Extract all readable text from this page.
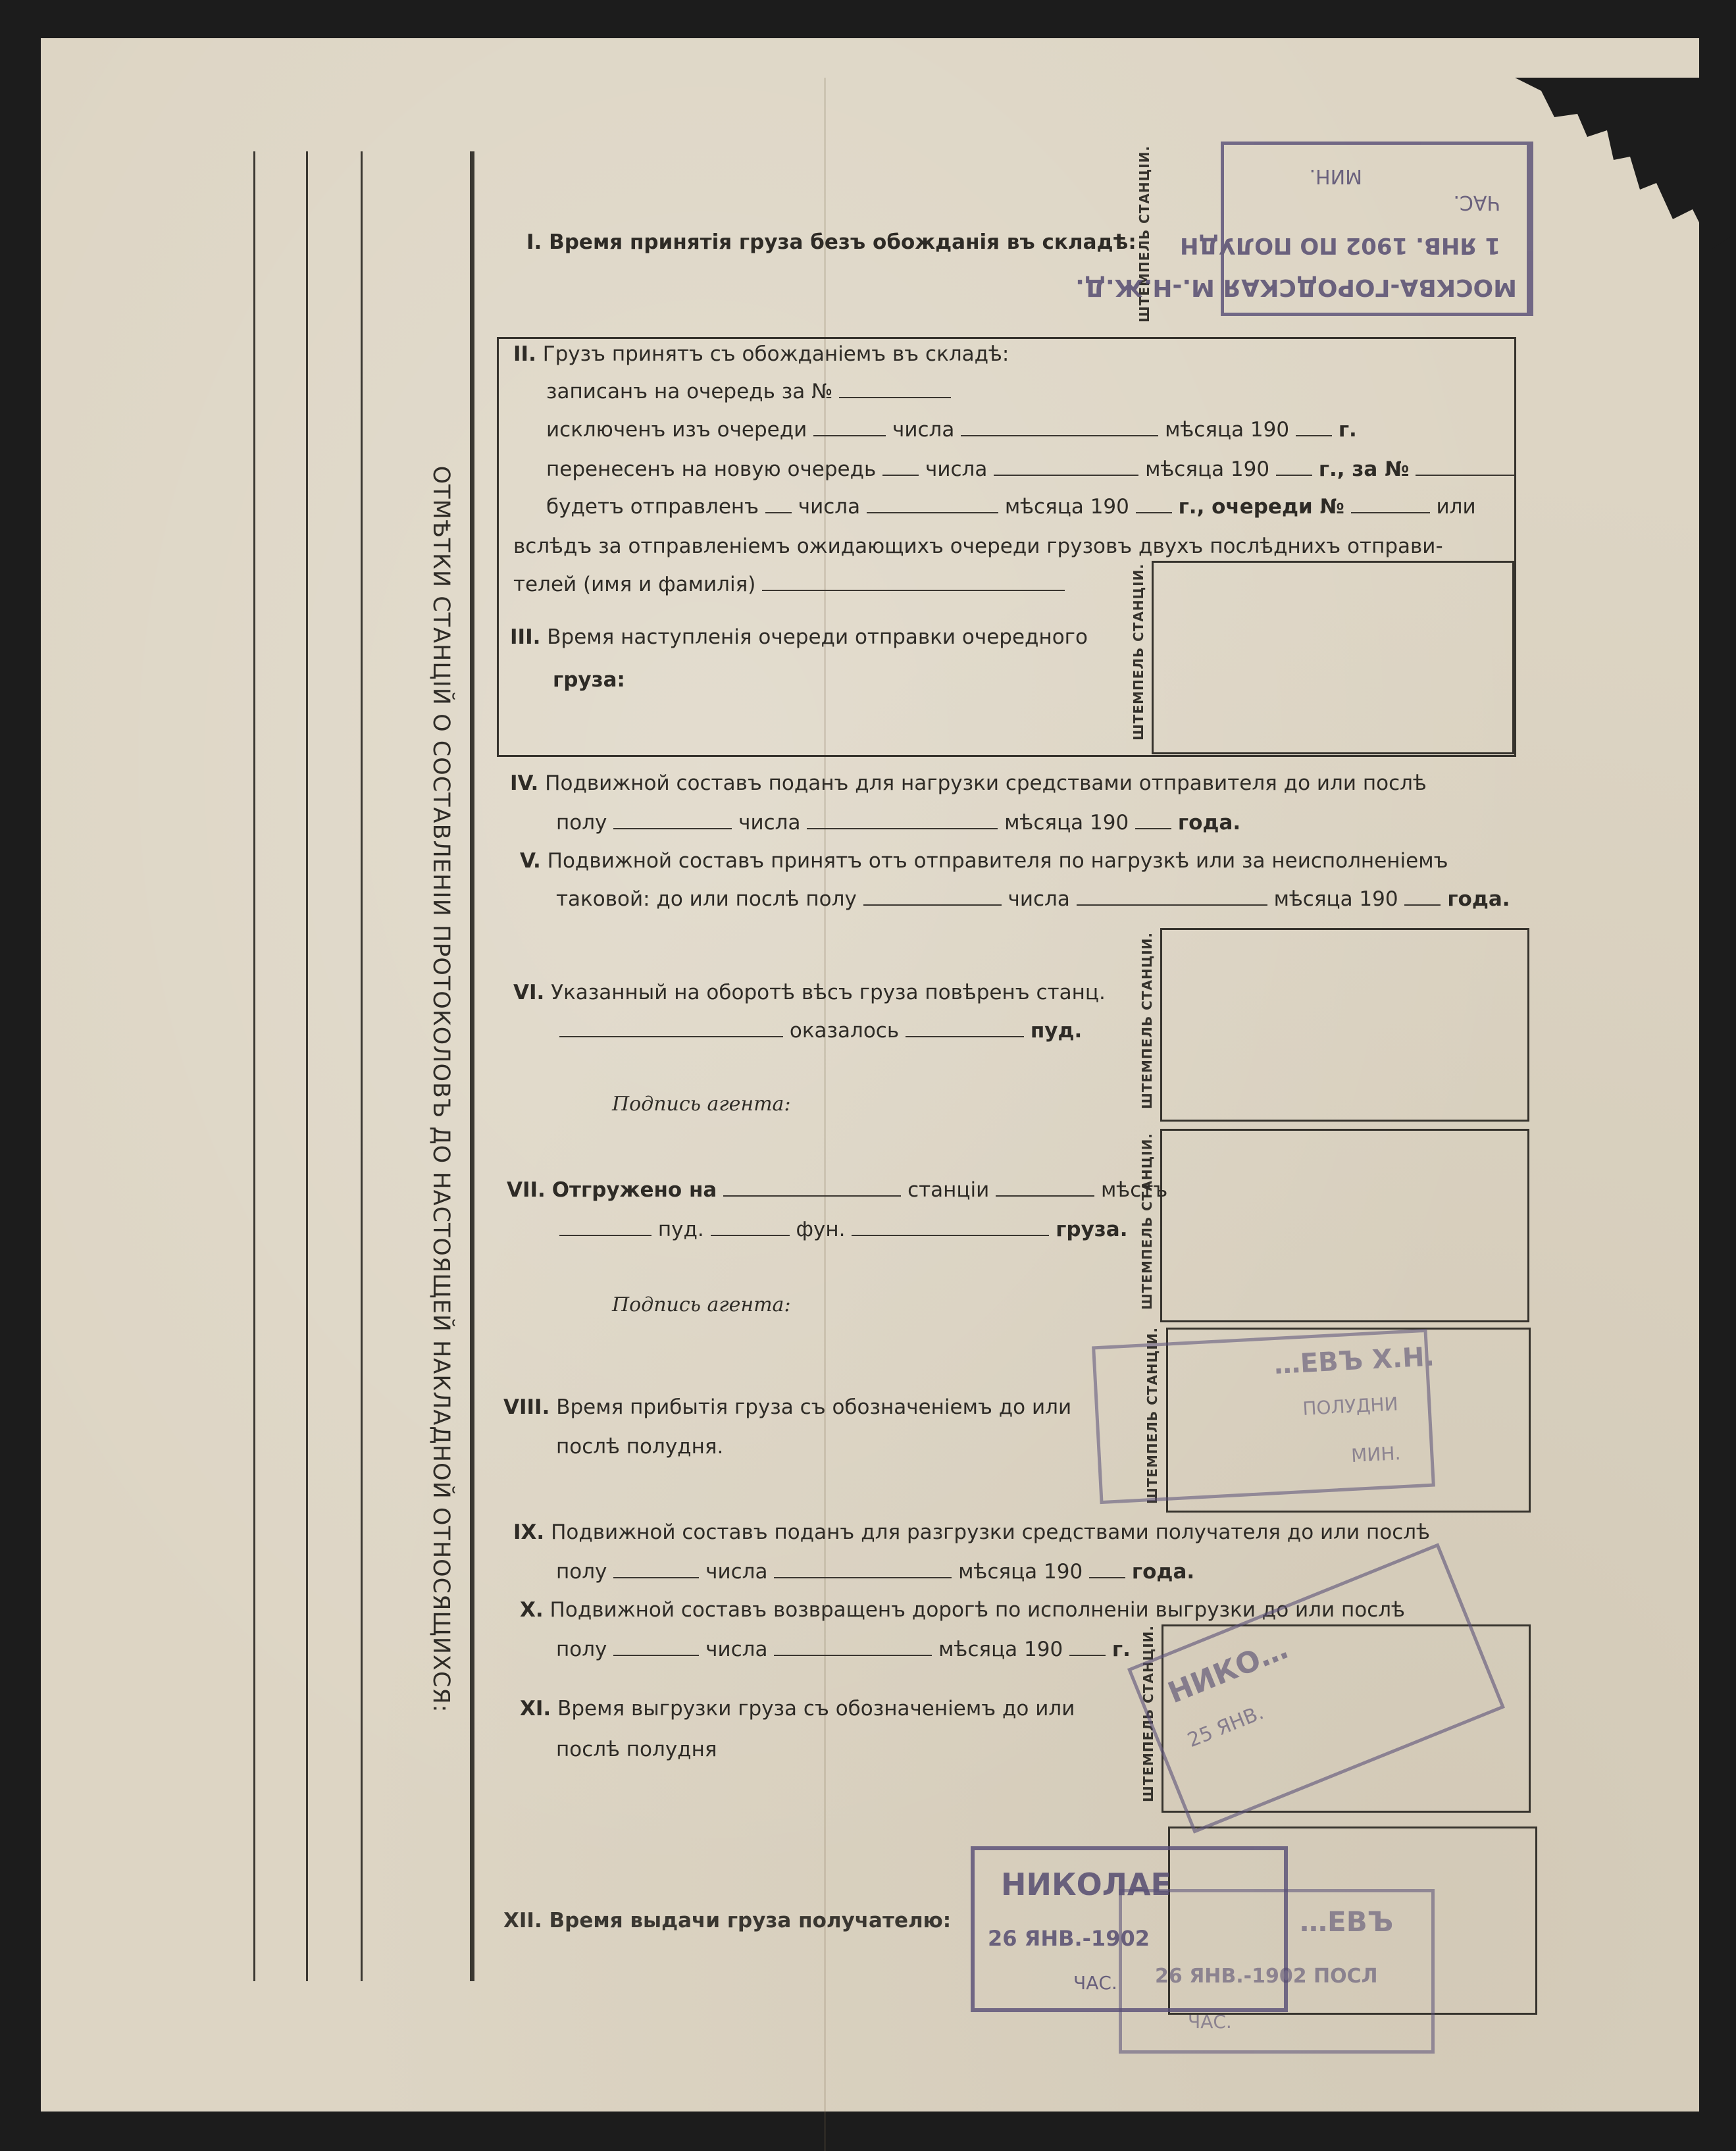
ОТМѢТКИ СТАНЦІЙ О СОСТАВЛЕНІИ ПРОТОКОЛОВЪ ДО НАСТОЯЩЕЙ НАКЛАДНОЙ ОТНОСЯЩИХСЯ:
I. Время принятія груза безъ обожданія въ складѣ: ШТЕМПЕЛЬ СТАНЦІИ.
ШТЕМПЕЛЬ СТАНЦІИ.
II. Грузъ принятъ съ обожданіемъ въ складѣ:
записанъ на очередь за №
исключенъ изъ очереди	числа	мѣсяца 190 г.
перенесенъ на новую очередь числа	мѣсяца 190 г., за №
будетъ отправленъ числа	мѣсяца 190 г., очереди №	или
вслѣдъ за отправленіемъ ожидающихъ очереди грузовъ двухъ послѣднихъ отправи-
телей (имя и фамилія)
III. Время наступленія очереди отправки очередного
груза:
IV. Подвижной составъ поданъ для нагрузки средствами отправителя до или послѣ
полу	числа	мѣсяца 190 года.
V. Подвижной составъ принятъ отъ отправителя по нагрузкѣ или за неисполненіемъ
таковой: до или послѣ полу	числа	мѣсяца 190 года.
ШТЕМПЕЛЬ СТАНЦІИ.
VI. Указанный на оборотѣ вѣсъ груза повѣренъ станц.
оказалось	пуд.
Подпись агента:
ШТЕМПЕЛЬ СТАНЦІИ.
VII. Отгружено на	станціи	мѣстъ
пуд.	фун.	груза.
Подпись агента:
ШТЕМПЕЛЬ СТАНЦІИ.
VIII. Время прибытія груза съ обозначеніемъ до или
послѣ полудня.
IX. Подвижной составъ поданъ для разгрузки средствами получателя до или послѣ
полу	числа	мѣсяца 190 года.
X. Подвижной составъ возвращенъ дорогѣ по исполненіи выгрузки до или послѣ
полу	числа	мѣсяца 190 г. ШТЕМПЕЛЬ СТАНЦІИ.
XI. Время выгрузки груза съ обозначеніемъ до или
послѣ полудня
XII. Время выдачи груза получателю:
МОСКВА-ГОРОДСКАЯ М.-Н.Ж.Д.
1 ЯНВ. 1902 ПО ПОЛУДН
ЧАС.
МИН.
…ЕВЪ Х.Н.
ПОЛУДНИ
МИН.
НИКО…
25 ЯНВ.
НИКОЛАЕ
26 ЯНВ.-1902
ЧАС.
…ЕВЪ
26 ЯНВ.-1902 ПОСЛ
ЧАС.
